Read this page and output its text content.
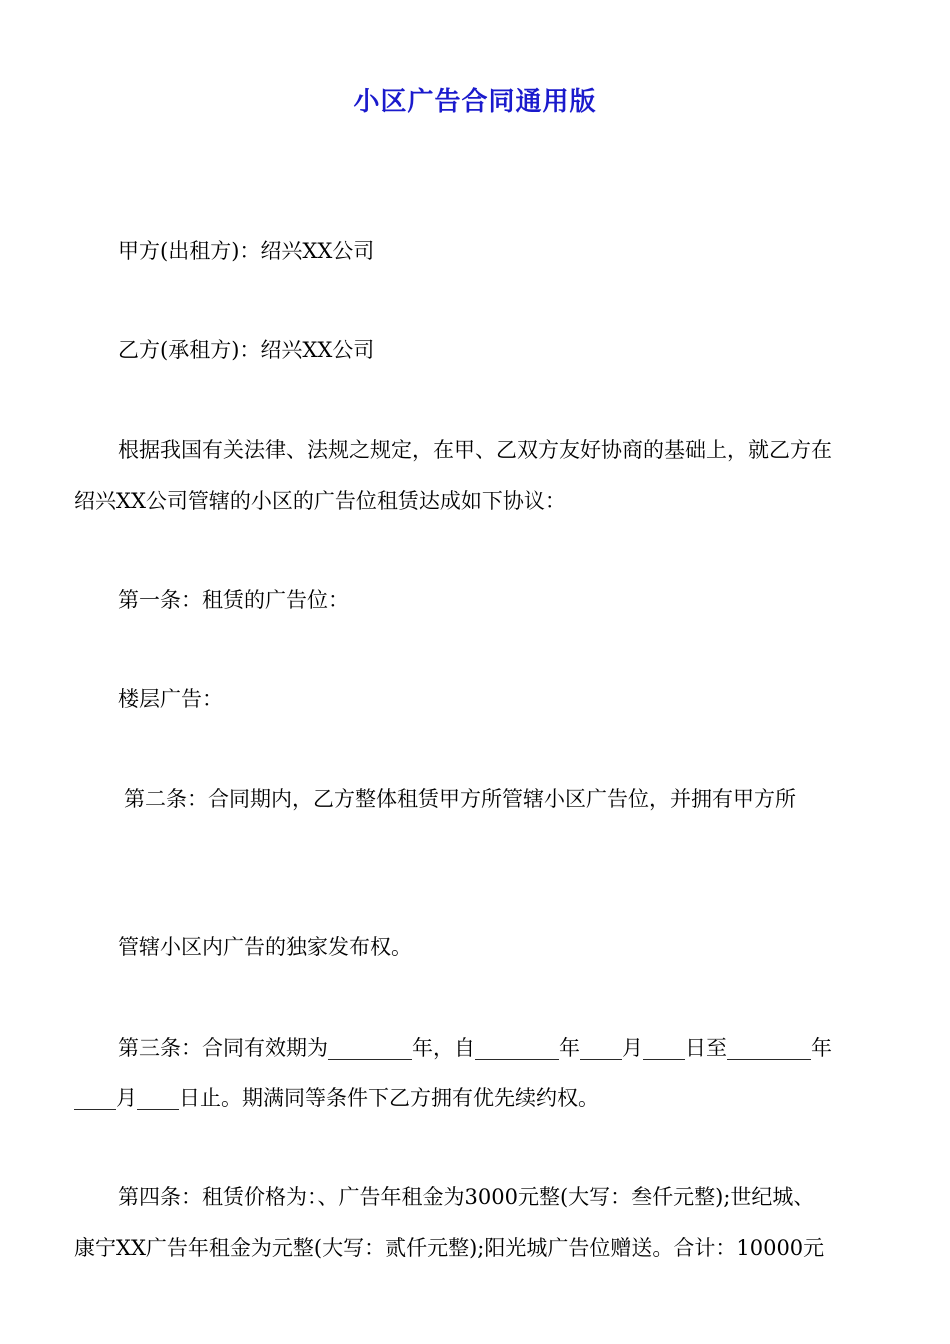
小区广告合同通用版
甲方(出租方)：绍兴XX公司
乙方(承租方)：绍兴XX公司
根据我国有关法律、法规之规定，在甲、乙双方友好协商的基础上，就乙方在
绍兴XX公司管辖的小区的广告位租赁达成如下协议：
第一条：租赁的广告位：
楼层广告：
第二条：合同期内，乙方整体租赁甲方所管辖小区广告位，并拥有甲方所
管辖小区内广告的独家发布权。
第三条：合同有效期为________年，自________年____月____日至________年
____月____日止。期满同等条件下乙方拥有优先续约权。
第四条：租赁价格为：、广告年租金为3000元整(大写：叁仟元整);世纪城、
康宁XX广告年租金为元整(大写：贰仟元整);阳光城广告位赠送。合计：10000元
